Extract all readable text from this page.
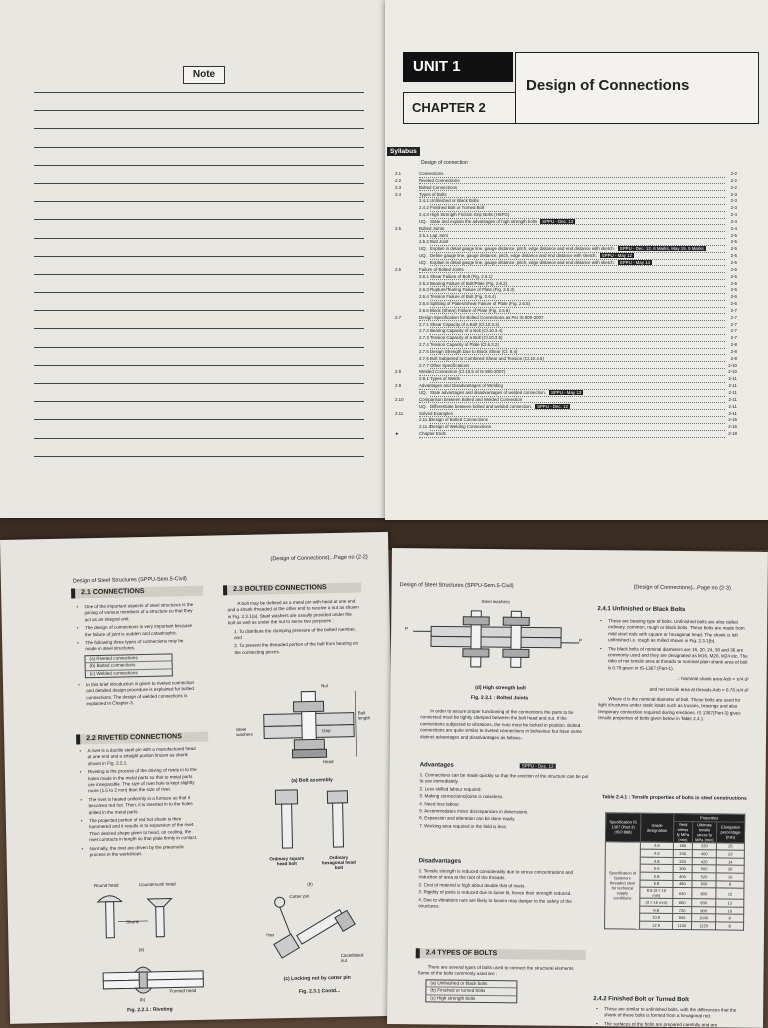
Note	UNIT 1
CHAPTER 2
Design of Connections
Syllabus
Design of connection
2.1	Connections	2-2
2.2	Riveted Connections	2-2
2.3	Bolted Connections	2-2
2.4	Types of Bolts	2-3
2.4.1 Unfinished or Black Bolts	2-3
2.4.2 Finished Bolt or Turned Bolt	2-3
2.4.3 High Strength Friction Grip Bolts (HSFG)	2-4
UQ. State and explain the advantages of high strength bolts SPPU - Dec. 13	2-4
2.5	Bolted Joints	2-4
2.5.1 Lap Joint	2-5
2.5.2 Butt Joint	2-5
UQ. Explain in detail gauge line, gauge distance, pitch, edge distance and end distance with sketch. SPPU - Dec. 12, 6 Marks, May 15, 5 Marks	2-5
UQ. Define gauge line, gauge distance, pitch, edge distance and end distance with sketch. SPPU - May 12	2-5
UQ. Explain in detail gauge line, gauge distance, pitch, edge distance and end distance with sketch. SPPU - May 14	2-5
2.6	Failure of Bolted Joints	2-6
2.6.1 Shear Failure of Bolt (Fig. 2.6.1)	2-6
2.6.2 Bearing Failure of Bolt/Plate (Fig. 2.6.2)	2-6
2.6.3 Rupture/Tearing Failure of Plate (Fig. 2.6.3)	2-6
2.6.4 Tension Failure of Bolt (Fig. 2.6.4)	2-6
2.6.5 Splitting of Plates/Shear Failure of Plate (Fig. 2.6.5)	2-6
2.6.6 Block (Shear) Failure of Plate (Fig. 2.6.6)	2-7
2.7	Design Specification for Bolted Connections as Per IS 800-2007	2-7
2.7.1 Shear Capacity of a Bolt (Cl.10.3.3)	2-7
2.7.2 Bearing Capacity of a Bolt (Cl.10.3.4)	2-7
2.7.3 Tension Capacity of a Bolt (Cl.10.3.5)	2-7
2.7.4 Tension Capacity of Plate (Cl.6.3.2)	2-8
2.7.5 Design Strength Due to Block Shear (Cl. 6.4)	2-8
2.7.6 Bolt Subjected to Combined Shear and Tension (Cl.10.4.6)	2-8
2.7.7 Other Specifications	2-10
2.8	Welded Connection (Cl.10.5 of IS 800-2007)	2-10
2.8.1 Types of Welds	2-11
2.9	Advantages and Disadvantages of Welding	2-11
UQ. State advantages and disadvantages of welded connection. SPPU - May 13	2-11
2.10	Comparison between Bolted and Welded Connection	2-11
UQ. Differentiate between bolted and welded connection. SPPU - Dec. 12	2-11
2.11	Solved Examples	2-11
2.11.1 Design of Bolted Connections	2-15
2.11.2 Design of Welding Connections	2-15
►	Chapter Ends	2-18
Design of Steel Structures (SPPU-Sem.5-Civil)
(Design of Connections)...Page no (2-2)
2.1 CONNECTIONS

• One of the important aspects of steel structures is the joining of various members of a structure so that they act as an integral unit.

• The design of connections is very important because the failure of joint is sudden and catastrophic.

• The following three types of connections may be made in steel structures.

(a) Riveted connections
(b) Bolted connections
(c) Welded connections

• In this brief introduction is given to riveted connection and detailed design procedure is explained for bolted connections. The design of welded connections is explained in Chapter-3.

2.2 RIVETED CONNECTIONS

• A rivet is a ductile steel pin with a manufactured head at one end and a straight portion known as shank shown in Fig. 2.2.1.

• Riveting is the process of the driving of rivets in to the holes made in the metal parts so that to metal parts are inseparable. The size of rivet hole is kept slightly more (1.5 to 2 mm) than the size of rivet.

• The rivet is heated uniformly in a furnace so that it becomes red hot. Then, it is inserted in to the holes drilled in the metal parts.

• The projected portion of red hot shank is then hammered and it results in to expansion of the rivet. Then desired shape given to head, on cooling, the rivet contracts in length so that plate firmly in contact.

• Normally, the rivet are driven by the pneumatic process in the workshops.

Round head	Countersunk head
Shank
(a)
Formed head
(b)
Fig. 2.2.1 : Riveting
2.3 BOLTED CONNECTIONS

A bolt may be defined as a metal pin with head at one end and a shank threaded at the other end to receive a nut as shown in Fig. 2.3.1(a). Steel washers are usually provided under the bolt as well as under the nut to serve two purposes :

1. To distribute the clamping pressure of the bolted member, and

2. To prevent the threaded portion of the bolt from bearing on the connecting pieces.

Nut
Bolt length
Grip
Steel washers
Head
(a) Bolt assembly
Ordinary square head bolt
Ordinary hexagonal head bolt
(b)
Cotter pin
Hex
Castellated nut
(c) Locking nut by cotter pin
Fig. 2.3.1 Contd...
Design of Steel Structures (SPPU-Sem.5-Civil)	(Design of Connections)...Page no (2-3)
Steel washers
P
P
(d) High strength bolt
Fig. 2.3.1 : Bolted Joints

In order to assure proper functioning of the connections the parts to be connected must be tightly clamped between the bolt head and nut. If the connections subjected to vibrations, the nuts must be locked in position. Bolted connections are quite similar to riveted connections in behaviour but have some distinct advantages and disadvantages as follows :

Advantages	SPPU - Dec. 13

1. Connections can be made quickly so that the erection of the structure can be put to use immediately.

2. Less skilled labour required.

3. Making connections/joints is noiseless.

4. Need less labour.

5. Accommodates minor discrepancies in dimensions.

6. Expansion and alteration can be done easily.

7. Working area required in the field is less.

Disadvantages

1. Tensile strength is reduced considerably due to stress concentrations and reduction of area at the root of the threads.

2. Cost of material is high about double that of rivets.

3. Rigidity of joints is reduced due to loose fit, hence their strength reduced.

4. Due to vibrations nuts are likely to loosen may danger to the safety of the structures.

2.4 TYPES OF BOLTS

There are several types of bolts used to connect the structural elements. Some of the bolts commonly used are :

(a) Unfinished or black bolts
(b) Finished or turned bolts
(c) High strength bolts
2.4.1 Unfinished or Black Bolts

• These are bearing type of bolts. Unfinished bolts are also called ordinary, common, rough or black bolts. These bolts are made from mild steel rods with square or hexagonal head. The shank is left unfinished i.e. rough as milled shown in Fig. 2.3.1(b).

• The black bolts of nominal diameters are 16, 20, 24, 30 and 36 are commonly used and they are designated as M16, M20, M24 etc. The ratio of net tensile area at threads to nominal plain shank area of bolt is 0.78 given in IS-1367 (Part-1).

∴ Nominal shank area Asb = π/4 d²

and net tensile area at threads Anb = 0.78 π/4 d²

Where d is the nominal diameter of bolt. These bolts are used for light structures under static loads such as trusses, bracings and also temporary connection required during erections. IS 1367(Part-3) gives tensile properties of bolts given below in Table 2.4.1.

Table 2.4.1 : Tensile properties of bolts in steel constructions
Specification IS 1367 (Part 3) (ISO 898)	Grade designation	Properties		
		Yield stress fy MPa (min)	Ultimate tensile stress fu MPa (min)	Elongation percentage (min)
Specification of fasteners threaded steel for technical supply conditions	3.6	180	330	25
	4.6	240	400	22
	4.8	320	420	14
	5.6	300	500	20
	5.8	400	520	10
	6.8	480	600	8
	8.8 (d < 16 mm)	640	800	12
	(d > 16 mm)	660	830	12
	9.8	720	900	10
	10.9	940	1040	9
	12.9	1100	1220	8
2.4.2 Finished Bolt or Turned Bolt

• These are similar to unfinished bolts, with the differences that the shank of these bolts is formed from a hexagonal rod.

• The surfaces of the bolts are prepared carefully and are
